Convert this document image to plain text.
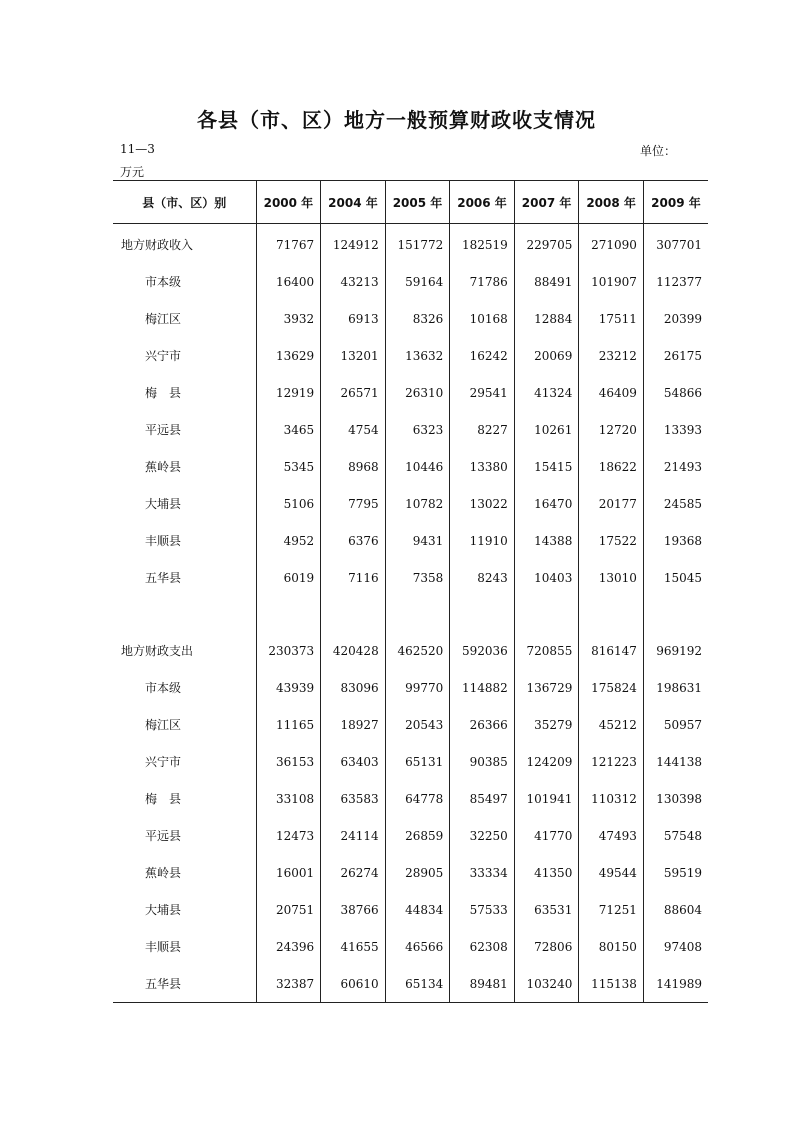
各县（市、区）地方一般预算财政收支情况
11—3	单位：
万元
县（市、区）别	2000 年	2004 年	2005 年	2006 年	2007 年	2008 年	2009 年
地方财政收入	71767	124912	151772	182519	229705	271090	307701
市本级	16400	43213	59164	71786	88491	101907	112377
梅江区	3932	6913	8326	10168	12884	17511	20399
兴宁市	13629	13201	13632	16242	20069	23212	26175
梅　县	12919	26571	26310	29541	41324	46409	54866
平远县	3465	4754	6323	8227	10261	12720	13393
蕉岭县	5345	8968	10446	13380	15415	18622	21493
大埔县	5106	7795	10782	13022	16470	20177	24585
丰顺县	4952	6376	9431	11910	14388	17522	19368
五华县	6019	7116	7358	8243	10403	13010	15045

地方财政支出	230373	420428	462520	592036	720855	816147	969192
市本级	43939	83096	99770	114882	136729	175824	198631
梅江区	11165	18927	20543	26366	35279	45212	50957
兴宁市	36153	63403	65131	90385	124209	121223	144138
梅　县	33108	63583	64778	85497	101941	110312	130398
平远县	12473	24114	26859	32250	41770	47493	57548
蕉岭县	16001	26274	28905	33334	41350	49544	59519
大埔县	20751	38766	44834	57533	63531	71251	88604
丰顺县	24396	41655	46566	62308	72806	80150	97408
五华县	32387	60610	65134	89481	103240	115138	141989
